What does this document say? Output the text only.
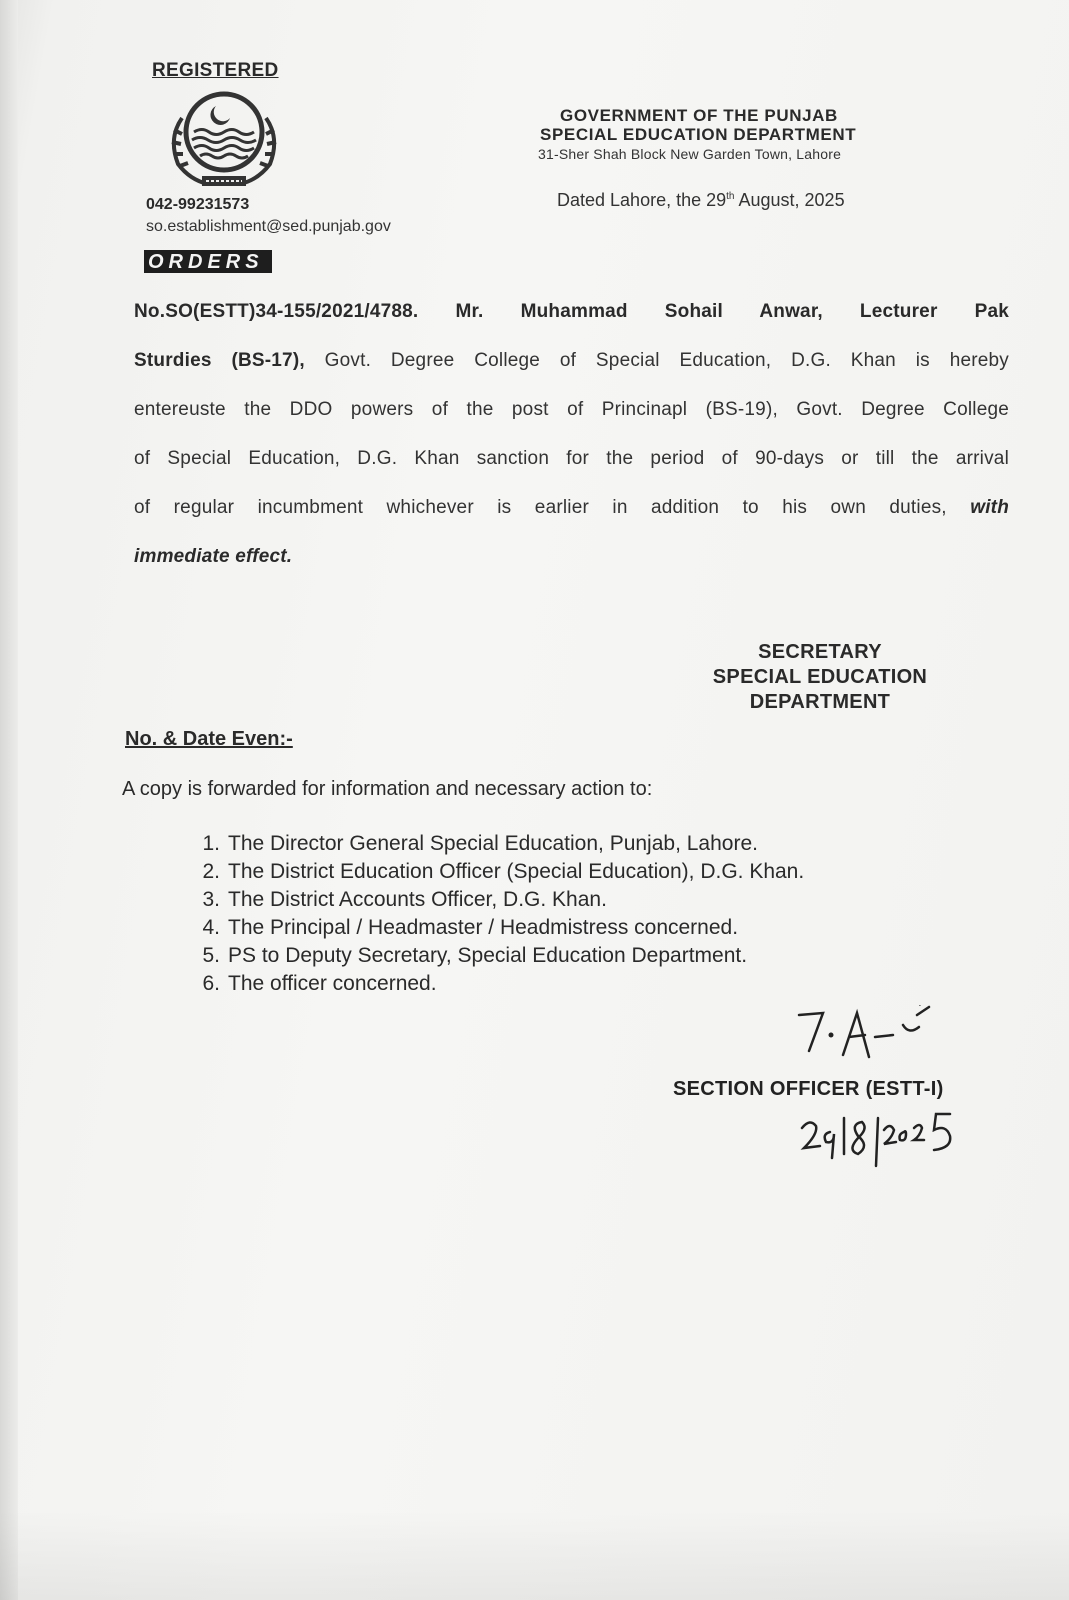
REGISTERED
042-99231573
so.establishment@sed.punjab.gov
ORDERS
GOVERNMENT OF THE PUNJAB
SPECIAL EDUCATION DEPARTMENT
31-Sher Shah Block New Garden Town, Lahore
Dated Lahore, the 29th August, 2025

No.SO(ESTT)34-155/2021/4788. Mr. Muhammad Sohail Anwar, Lecturer Pak

Sturdies (BS-17), Govt. Degree College of Special Education, D.G. Khan is hereby

entereuste the DDO powers of the post of Princinapl (BS-19), Govt. Degree College

of Special Education, D.G. Khan sanction for the period of 90-days or till the arrival

of regular incumbment whichever is earlier in addition to his own duties, with

immediate effect.

SECRETARY
SPECIAL EDUCATION
DEPARTMENT
No. & Date Even:-
A copy is forwarded for information and necessary action to:
1. The Director General Special Education, Punjab, Lahore.
2. The District Education Officer (Special Education), D.G. Khan.
3. The District Accounts Officer, D.G. Khan.
4. The Principal / Headmaster / Headmistress concerned.
5. PS to Deputy Secretary, Special Education Department.
6. The officer concerned.
SECTION OFFICER (ESTT-I)
